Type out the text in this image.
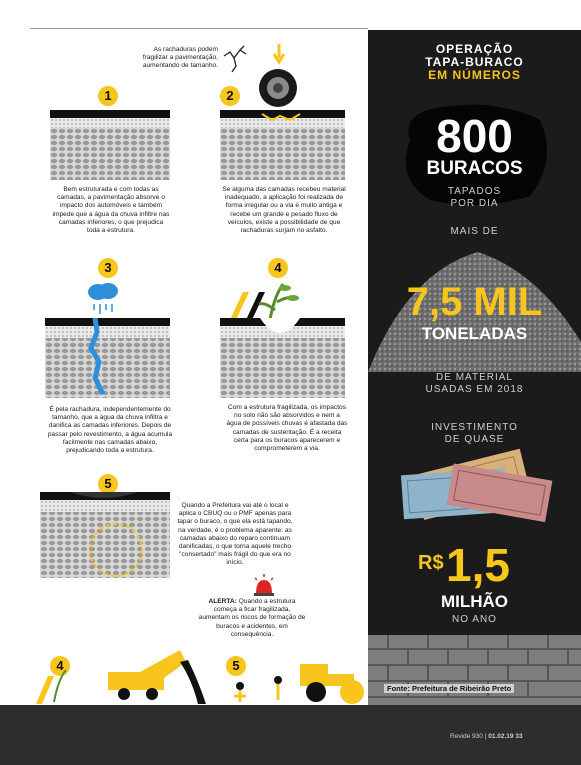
As rachaduras podem fragilizar a pavimentação, aumentando de tamanho.
1
Bem estruturada e com todas as camadas, a pavimentação absorve o impacto dos automóveis e também impede que a água da chuva infiltre nas camadas inferiores, o que prejudica toda a estrutura.
2
Se alguma das camadas recebeu material inadequado, a aplicação foi realizada de forma irregular ou a via é muito antiga e recebe um grande e pesado fluxo de veículos, existe a possibilidade de que rachaduras surjam no asfalto.
3
É pela rachadura, independentemente do tamanho, que a água da chuva infiltra e danifica as camadas inferiores. Depois de passar pelo revestimento, a água acumula facilmente nas camadas abaixo, prejudicando toda a estrutura.
4
Com a estrutura fragilizada, os impactos no solo não são absorvidos e nem a água de possíveis chuvas é afastada das camadas de sustentação. É a receita certa para os buracos aparecerem e comprometerem a via.
5
Quando a Prefeitura vai até o local e aplica o CBUQ ou o PMF apenas para tapar o buraco, o que ela está tapando, na verdade, é o problema aparente: as camadas abaixo do reparo continuam danificadas, o que torna aquele trecho "consertado" mais frágil do que era no início.
ALERTA: Quando a estrutura começa a ficar fragilizada, aumentam os riscos de formação de buracos e acidentes, em consequência.
4	5
OPERAÇÃO
TAPA-BURACO
EM NÚMEROS
800
BURACOS
TAPADOS
POR DIA
MAIS DE
7,5 MIL
TONELADAS
DE MATERIAL
USADAS EM 2018
INVESTIMENTO
DE QUASE
R$ 1,5
MILHÃO
NO ANO
Fonte: Prefeitura de Ribeirão Preto
Revide 930 | 01.02.19 33
